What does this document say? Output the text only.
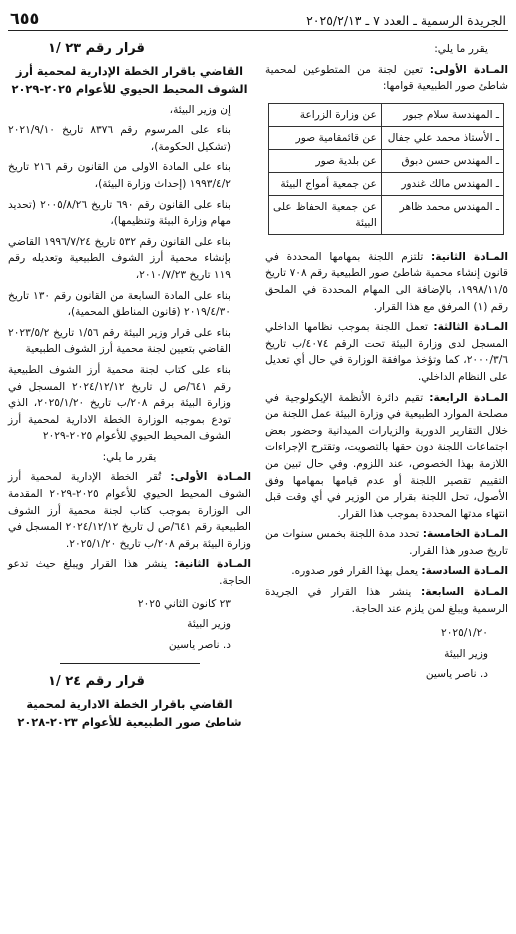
الجريدة الرسمية ـ العدد ٧ ـ ٢٠٢٥/٢/١٣
٦٥٥

يقرر ما يلي:

المـادة الأولى: تعين لجنة من المتطوعين لمحمية شاطئ صور الطبيعية قوامها:

ـ المهندسة سلام جبور	عن وزارة الزراعة
ـ الأستاذ محمد علي جفال	عن قائمقامية صور
ـ المهندس حسن دبوق	عن بلدية صور
ـ المهندس مالك غندور	عن جمعية أمواج البيئة
ـ المهندس محمد ظاهر	عن جمعية الحفاظ على البيئة

المـادة الثانية: تلتزم اللجنة بمهامها المحددة في قانون إنشاء محمية شاطئ صور الطبيعية رقم ٧٠٨ تاريخ ١٩٩٨/١١/٥، بالإضافة الى المهام المحددة في الملحق رقم (١) المرفق مع هذا القرار.

المـادة الثالثة: تعمل اللجنة بموجب نظامها الداخلي المسجل لدى وزارة البيئة تحت الرقم ٤٠٧٤/ب تاريخ ٢٠٠٠/٣/٦، كما وتؤخذ موافقة الوزارة في حال أي تعديل على النظام الداخلي.

المـادة الرابعة: تقيم دائرة الأنظمة الإيكولوجية في مصلحة الموارد الطبيعية في وزارة البيئة عمل اللجنة من خلال التقارير الدورية والزيارات الميدانية وحضور بعض اجتماعات اللجنة دون حقها بالتصويت، وتقترح الإجراءات اللازمة بهذا الخصوص، عند اللزوم. وفي حال تبين من التقييم تقصير اللجنة أو عدم قيامها بمهامها وفق الأصول، تحل اللجنة بقرار من الوزير في أي وقت قبل انتهاء مدتها المحددة بموجب هذا القرار.

المـادة الخامسة: تحدد مدة اللجنة بخمس سنوات من تاريخ صدور هذا القرار.

المـادة السادسة: يعمل بهذا القرار فور صدوره.

المـادة السابعة: ينشر هذا القرار في الجريدة الرسمية ويبلغ لمن يلزم عند الحاجة.

٢٠٢٥/١/٢٠

وزير البيئة

د. ناصر ياسين

قرار رقم ٢٣ /١

القاضي باقرار الخطة الإدارية لمحمية أرز الشوف المحيط الحيوي للأعوام ٢٠٢٥-٢٠٢٩

إن وزير البيئة،

بناء على المرسوم رقم ٨٣٧٦ تاريخ ٢٠٢١/٩/١٠ (تشكيل الحكومة)،

بناء على المادة الاولى من القانون رقم ٢١٦ تاريخ ١٩٩٣/٤/٢ (إحداث وزارة البيئة)،

بناء على القانون رقم ٦٩٠ تاريخ ٢٠٠٥/٨/٢٦ (تحديد مهام وزارة البيئة وتنظيمها)،

بناء على القانون رقم ٥٣٢ تاريخ ١٩٩٦/٧/٢٤ القاضي بإنشاء محمية أرز الشوف الطبيعية وتعديله رقم ١١٩ تاريخ ٢٠١٠/٧/٢٣،

بناء على المادة السابعة من القانون رقم ١٣٠ تاريخ ٢٠١٩/٤/٣٠ (قانون المناطق المحمية)،

بناء على قرار وزير البيئة رقم ١/٥٦ تاريخ ٢٠٢٣/٥/٢ القاضي بتعيين لجنة محمية أرز الشوف الطبيعية

بناء على كتاب لجنة محمية أرز الشوف الطبيعية رقم ٦٤١/ص ل تاريخ ٢٠٢٤/١٢/١٢ المسجل في وزارة البيئة برقم ٢٠٨/ب تاريخ ٢٠٢٥/١/٢٠، الذي تودع بموجبه الوزارة الخطة الادارية لمحمية أرز الشوف المحيط الحيوي للأعوام ٢٠٢٥-٢٠٢٩

يقرر ما يلي:

المـادة الأولى: تُقر الخطة الإدارية لمحمية أرز الشوف المحيط الحيوي للأعوام ٢٠٢٥-٢٠٢٩ المقدمة الى الوزارة بموجب كتاب لجنة محمية أرز الشوف الطبيعية رقم ٦٤١/ص ل تاريخ ٢٠٢٤/١٢/١٢ المسجل في وزارة البيئة برقم ٢٠٨/ب تاريخ ٢٠٢٥/١/٢٠.

المـادة الثانية: ينشر هذا القرار ويبلغ حيث تدعو الحاجة.

٢٣ كانون الثاني ٢٠٢٥

وزير البيئة

د. ناصر ياسين

قرار رقم ٢٤ /١

القاضي باقرار الخطة الادارية لمحمية شاطئ صور الطبيعية للأعوام ٢٠٢٣-٢٠٢٨
